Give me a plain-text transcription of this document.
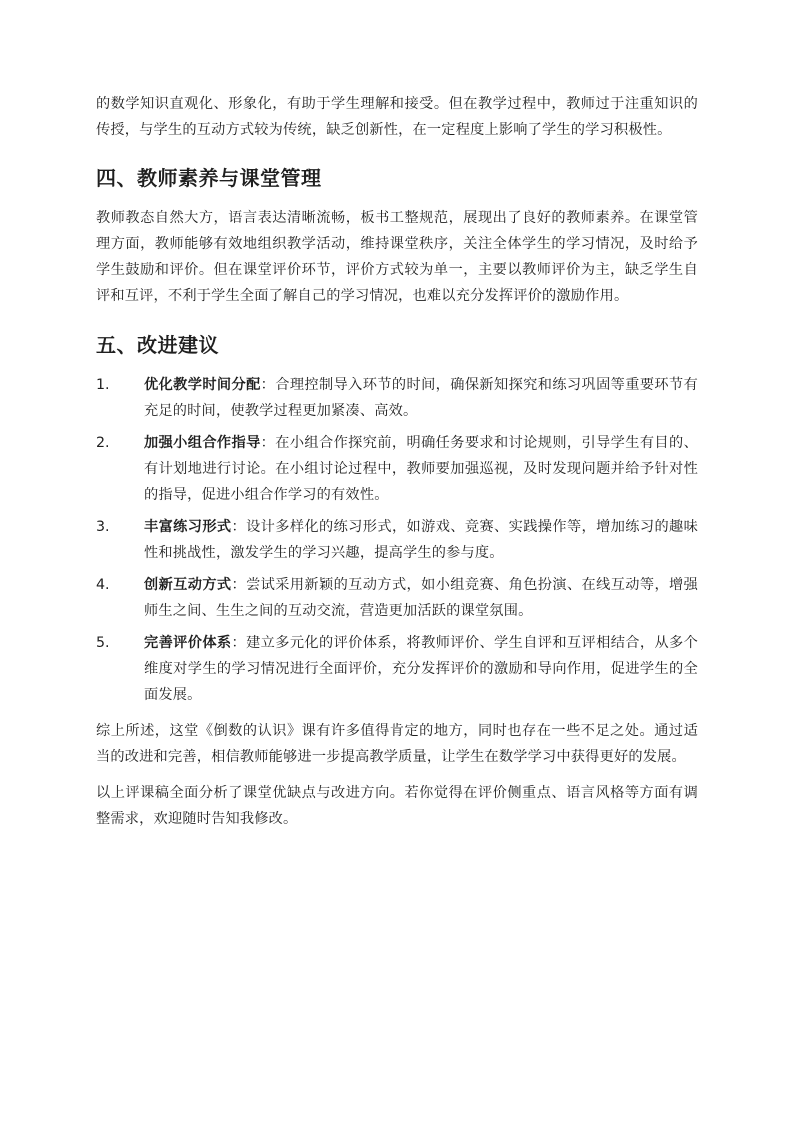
的数学知识直观化、形象化，有助于学生理解和接受。但在教学过程中，教师过于注重知识的传授，与学生的互动方式较为传统，缺乏创新性，在一定程度上影响了学生的学习积极性。

四、教师素养与课堂管理

教师教态自然大方，语言表达清晰流畅，板书工整规范，展现出了良好的教师素养。在课堂管理方面，教师能够有效地组织教学活动，维持课堂秩序，关注全体学生的学习情况，及时给予学生鼓励和评价。但在课堂评价环节，评价方式较为单一，主要以教师评价为主，缺乏学生自评和互评，不利于学生全面了解自己的学习情况，也难以充分发挥评价的激励作用。

五、改进建议
1.	优化教学时间分配：合理控制导入环节的时间，确保新知探究和练习巩固等重要环节有充足的时间，使教学过程更加紧凑、高效。
2.	加强小组合作指导：在小组合作探究前，明确任务要求和讨论规则，引导学生有目的、有计划地进行讨论。在小组讨论过程中，教师要加强巡视，及时发现问题并给予针对性的指导，促进小组合作学习的有效性。
3.	丰富练习形式：设计多样化的练习形式，如游戏、竞赛、实践操作等，增加练习的趣味性和挑战性，激发学生的学习兴趣，提高学生的参与度。
4.	创新互动方式：尝试采用新颖的互动方式，如小组竞赛、角色扮演、在线互动等，增强师生之间、生生之间的互动交流，营造更加活跃的课堂氛围。
5.	完善评价体系：建立多元化的评价体系，将教师评价、学生自评和互评相结合，从多个维度对学生的学习情况进行全面评价，充分发挥评价的激励和导向作用，促进学生的全面发展。

综上所述，这堂《倒数的认识》课有许多值得肯定的地方，同时也存在一些不足之处。通过适当的改进和完善，相信教师能够进一步提高教学质量，让学生在数学学习中获得更好的发展。

以上评课稿全面分析了课堂优缺点与改进方向。若你觉得在评价侧重点、语言风格等方面有调整需求，欢迎随时告知我修改。
